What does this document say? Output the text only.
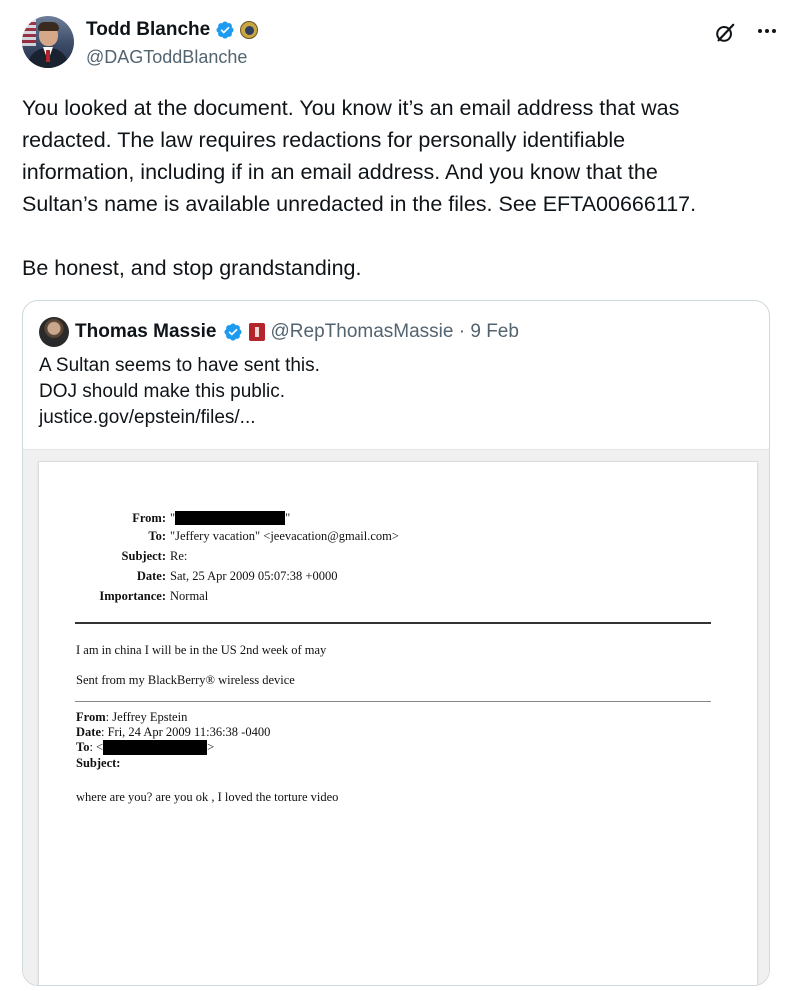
Todd Blanche
@DAGToddBlanche

You looked at the document. You know it’s an email address that was
redacted. The law requires redactions for personally identifiable
information, including if in an email address. And you know that the
Sultan’s name is available unredacted in the files. See EFTA00666117.

Be honest, and stop grandstanding.

Thomas Massie	@RepThomasMassie · 9 Feb
A Sultan seems to have sent this.
DOJ should make this public.
justice.gov/epstein/files/...
From: "	"
To: "Jeffery vacation" <jeevacation@gmail.com>
Subject: Re:
Date: Sat, 25 Apr 2009 05:07:38 +0000
Importance: Normal
I am in china I will be in the US 2nd week of may
Sent from my BlackBerry® wireless device
From: Jeffrey Epstein
Date: Fri, 24 Apr 2009 11:36:38 -0400
To : <	>
Subject:
where are you? are you ok , I loved the torture video
